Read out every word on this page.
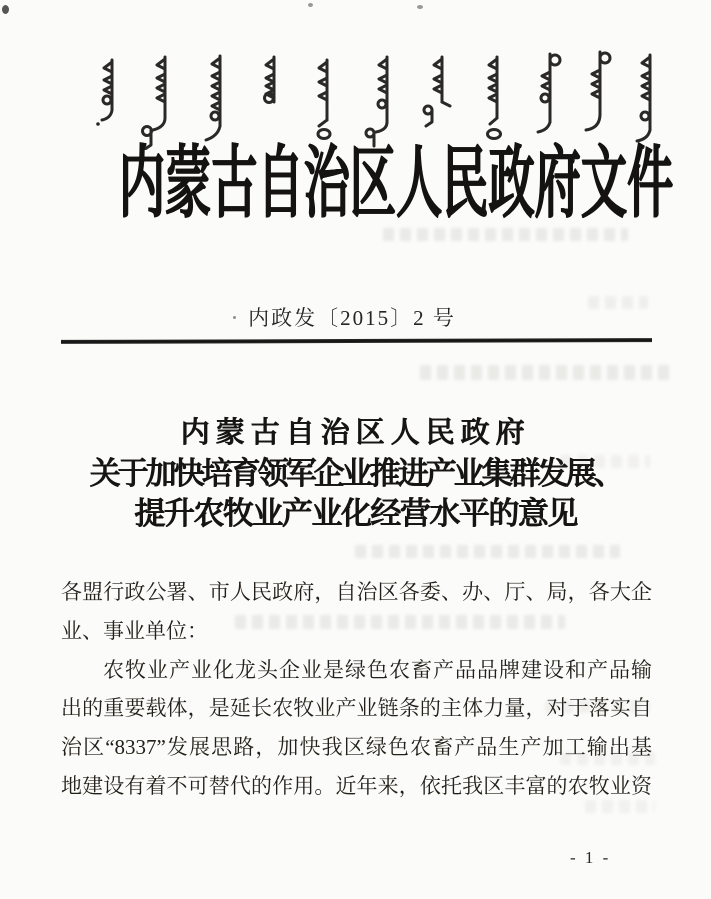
内蒙古自治区人民政府文件
内政发〔2015〕2 号
内蒙古自治区人民政府
关于加快培育领军企业推进产业集群发展、
提升农牧业产业化经营水平的意见
各盟行政公署、市人民政府，自治区各委、办、厅、局，各大企
业、事业单位：
农牧业产业化龙头企业是绿色农畜产品品牌建设和产品输
出的重要载体，是延长农牧业产业链条的主体力量，对于落实自
治区“8337”发展思路，加快我区绿色农畜产品生产加工输出基
地建设有着不可替代的作用。近年来，依托我区丰富的农牧业资
- 1 -
